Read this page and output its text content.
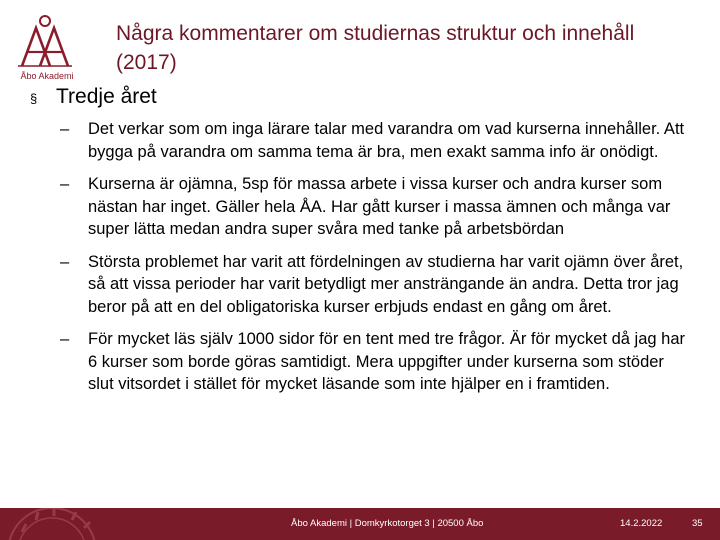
Åbo Akademi
Några kommentarer om studiernas struktur och innehåll (2017)
§ Tredje året
–	Det verkar som om inga lärare talar med varandra om vad kurserna innehåller. Att bygga på varandra om samma tema är bra, men exakt samma info är onödigt.
–	Kurserna är ojämna, 5sp för massa arbete i vissa kurser och andra kurser som nästan har inget. Gäller hela ÅA. Har gått kurser i massa ämnen och många var super lätta medan andra super svåra med tanke på arbetsbördan
–	Största problemet har varit att fördelningen av studierna har varit ojämn över året, så att vissa perioder har varit betydligt mer ansträngande än andra. Detta tror jag beror på att en del obligatoriska kurser erbjuds endast en gång om året.
–	För mycket läs själv 1000 sidor för en tent med tre frågor. Är för mycket då jag har 6 kurser som borde göras samtidigt. Mera uppgifter under kurserna som stöder slut vitsordet i stället för mycket läsande som inte hjälper en i framtiden.
Åbo Akademi | Domkyrkotorget 3 | 20500 Åbo	14.2.2022	35
